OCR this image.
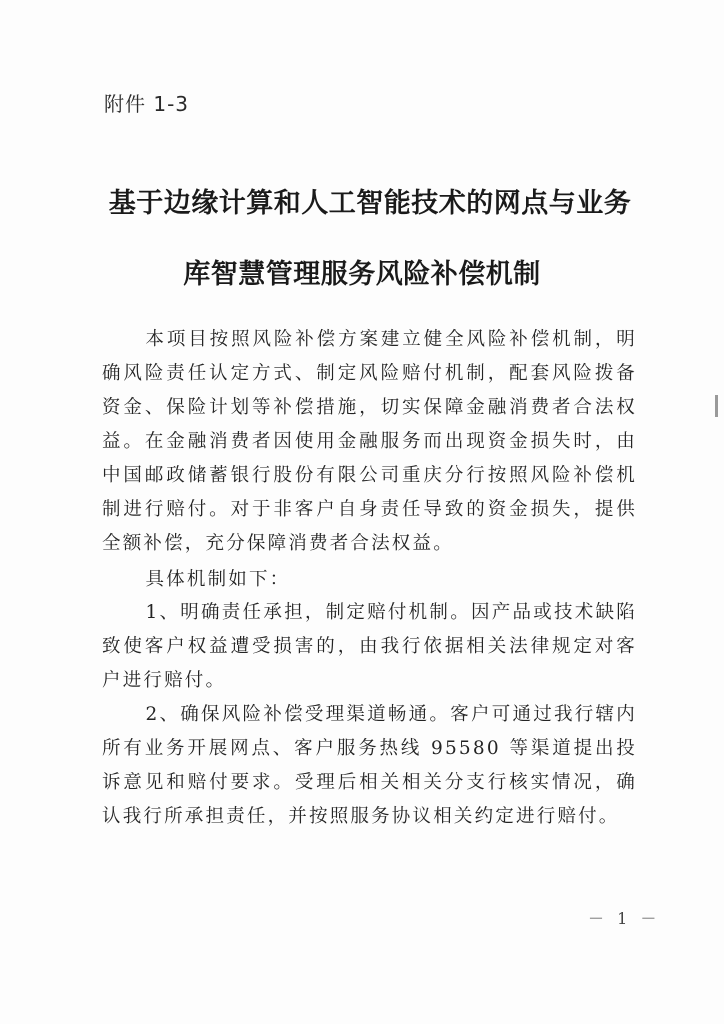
附件 1-3
基于边缘计算和人工智能技术的网点与业务
库智慧管理服务风险补偿机制

本项目按照风险补偿方案建立健全风险补偿机制，明确风险责任认定方式、制定风险赔付机制，配套风险拨备资金、保险计划等补偿措施，切实保障金融消费者合法权益。在金融消费者因使用金融服务而出现资金损失时，由中国邮政储蓄银行股份有限公司重庆分行按照风险补偿机制进行赔付。对于非客户自身责任导致的资金损失，提供全额补偿，充分保障消费者合法权益。

具体机制如下：

1、明确责任承担，制定赔付机制。因产品或技术缺陷致使客户权益遭受损害的，由我行依据相关法律规定对客户进行赔付。

2、确保风险补偿受理渠道畅通。客户可通过我行辖内所有业务开展网点、客户服务热线 95580 等渠道提出投诉意见和赔付要求。受理后相关相关分支行核实情况，确认我行所承担责任，并按照服务协议相关约定进行赔付。

－ 1 －
